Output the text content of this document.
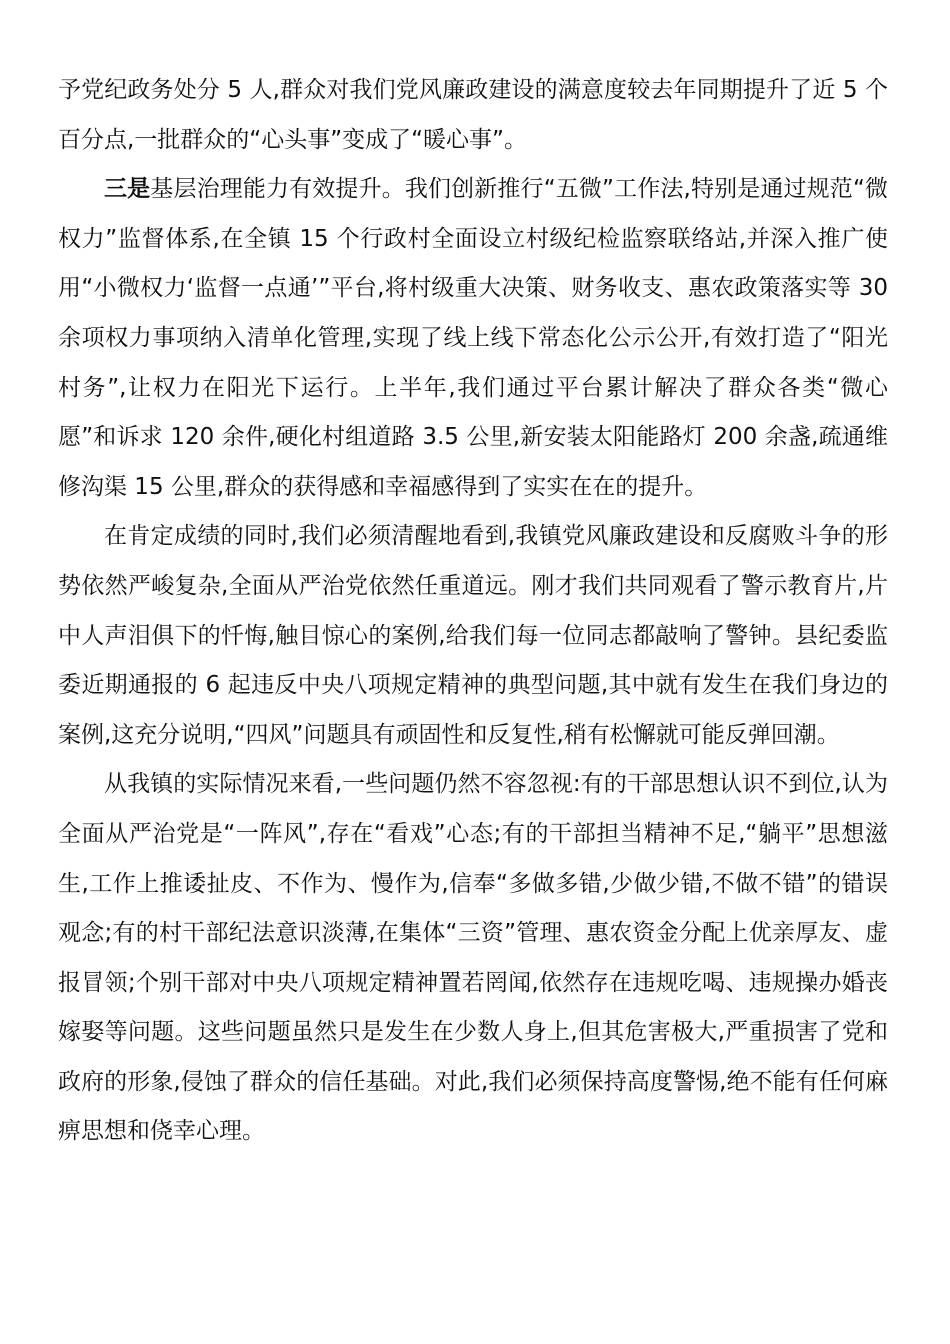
予党纪政务处分 5 人,群众对我们党风廉政建设的满意度较去年同期提升了近 5 个百分点,一批群众的“心头事”变成了“暖心事”。

三是基层治理能力有效提升。我们创新推行“五微”工作法,特别是通过规范“微权力”监督体系,在全镇 15 个行政村全面设立村级纪检监察联络站,并深入推广使用“小微权力‘监督一点通’”平台,将村级重大决策、财务收支、惠农政策落实等 30 余项权力事项纳入清单化管理,实现了线上线下常态化公示公开,有效打造了“阳光村务”,让权力在阳光下运行。上半年,我们通过平台累计解决了群众各类“微心愿”和诉求 120 余件,硬化村组道路 3.5 公里,新安装太阳能路灯 200 余盏,疏通维修沟渠 15 公里,群众的获得感和幸福感得到了实实在在的提升。

在肯定成绩的同时,我们必须清醒地看到,我镇党风廉政建设和反腐败斗争的形势依然严峻复杂,全面从严治党依然任重道远。刚才我们共同观看了警示教育片,片中人声泪俱下的忏悔,触目惊心的案例,给我们每一位同志都敲响了警钟。县纪委监委近期通报的 6 起违反中央八项规定精神的典型问题,其中就有发生在我们身边的案例,这充分说明,“四风”问题具有顽固性和反复性,稍有松懈就可能反弹回潮。

从我镇的实际情况来看,一些问题仍然不容忽视:有的干部思想认识不到位,认为全面从严治党是“一阵风”,存在“看戏”心态;有的干部担当精神不足,“躺平”思想滋生,工作上推诿扯皮、不作为、慢作为,信奉“多做多错,少做少错,不做不错”的错误观念;有的村干部纪法意识淡薄,在集体“三资”管理、惠农资金分配上优亲厚友、虚报冒领;个别干部对中央八项规定精神置若罔闻,依然存在违规吃喝、违规操办婚丧嫁娶等问题。这些问题虽然只是发生在少数人身上,但其危害极大,严重损害了党和政府的形象,侵蚀了群众的信任基础。对此,我们必须保持高度警惕,绝不能有任何麻痹思想和侥幸心理。
